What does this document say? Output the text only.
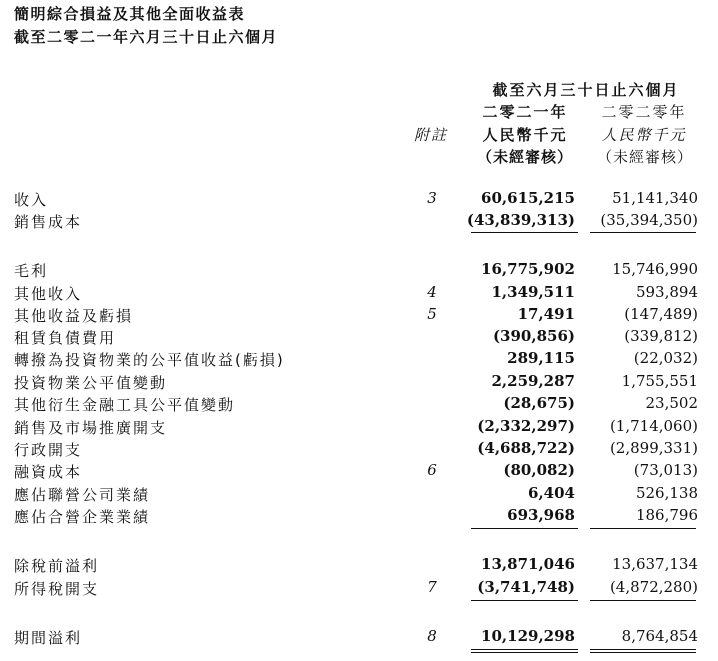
簡明綜合損益及其他全面收益表
截至二零二一年六月三十日止六個月
截至六月三十日止六個月
二零二一年	二零二零年
附註	人民幣千元	人民幣千元
（未經審核）	（未經審核）
收入	3	60,615,215 51,141,340
銷售成本	(43,839,313) (35,394,350)
毛利	16,775,902 15,746,990
其他收入	4	1,349,511	593,894
其他收益及虧損	5	17,491	(147,489)
租賃負債費用	(390,856)	(339,812)
轉撥為投資物業的公平值收益(虧損)	289,115	(22,032)
投資物業公平值變動	2,259,287	1,755,551
其他衍生金融工具公平值變動	(28,675)	23,502
銷售及市場推廣開支	(2,332,297) (1,714,060)
行政開支	(4,688,722) (2,899,331)
融資成本	6	(80,082)	(73,013)
應佔聯營公司業績	6,404	526,138
應佔合營企業業績	693,968	186,796
除稅前溢利	13,871,046 13,637,134
所得稅開支	7	(3,741,748) (4,872,280)
期間溢利	8	10,129,298	8,764,854
